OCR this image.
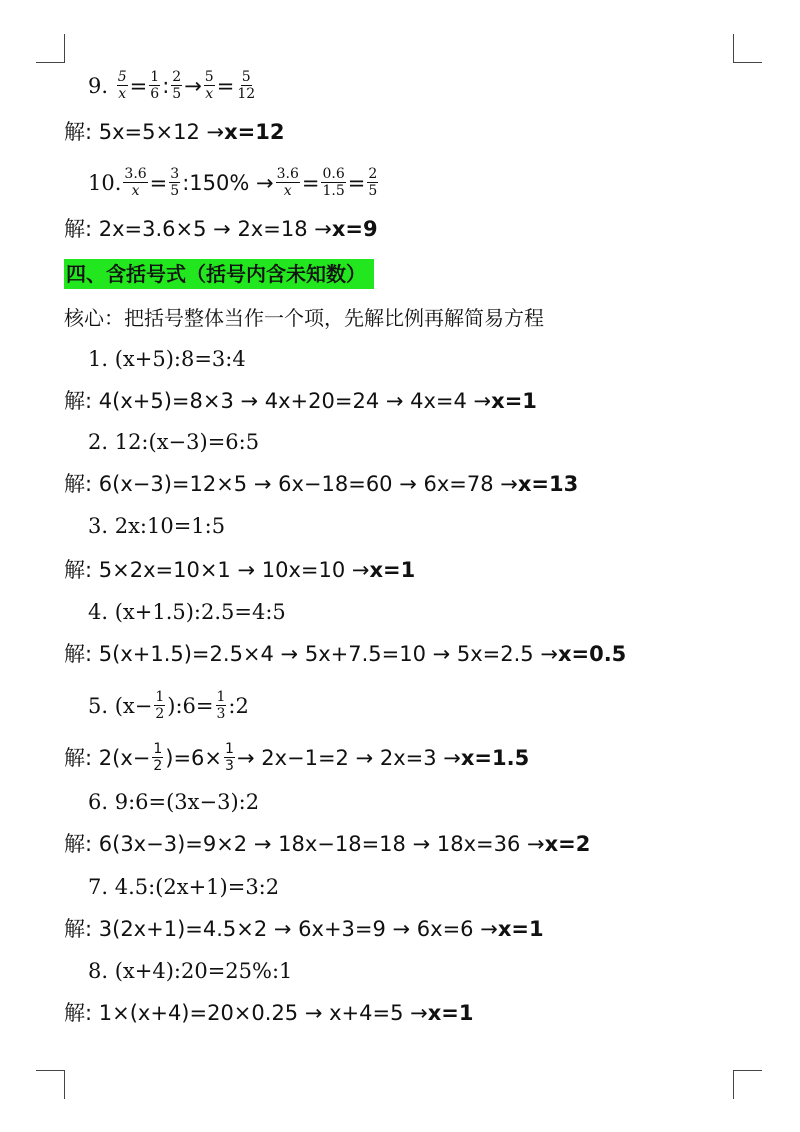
9.
$\frac{5}{x} = \frac{1}{6}$ : $\frac{2}{5} \to \frac{5}{x} = \frac{5}{12}$
解:
5x=5×12 → x=12
10. $\frac{3.6}{x} = \frac{3}{5}$ :150% → $\frac{3.6}{x} = \frac{0.6}{1.5} = \frac{2}{5}$
解:
2x=3.6×5 → 2x=18 → x=9
四、含括号式（括号内含未知数）
核心：把括号整体当作一个项，先解比例再解简易方程
1. (x+5):8=3:4
解:
4(x+5)=8×3 → 4x+20=24 → 4x=4 → x=1
2. 12:(x−3)=6:5
解:
6(x−3)=12×5 → 6x−18=60 → 6x=78 → x=13
3. 2x:10=1:5
解:
5×2x=10×1 → 10x=10 → x=1
4. (x+1.5):2.5=4:5
解:
5(x+1.5)=2.5×4 → 5x+7.5=10 → 5x=2.5 → x=0.5
5. ($x- \frac{1}{2}$ ):6= $\frac{1}{3}$ :2
解:
$2(x- \frac{1}{2} )=6\times \frac{1}{3} \to 2x-1=2 \to 2x=3 \to x=1.5$
6. 9:6=(3x−3):2
解:
6(3x−3)=9×2 → 18x−18=18 → 18x=36 → x=2
7. 4.5:(2x+1)=3:2
解:
3(2x+1)=4.5×2 → 6x+3=9 → 6x=6 → x=1
8. (x+4):20=25%:1
解:
1×(x+4)=20×0.25 → x+4=5 → x=1
